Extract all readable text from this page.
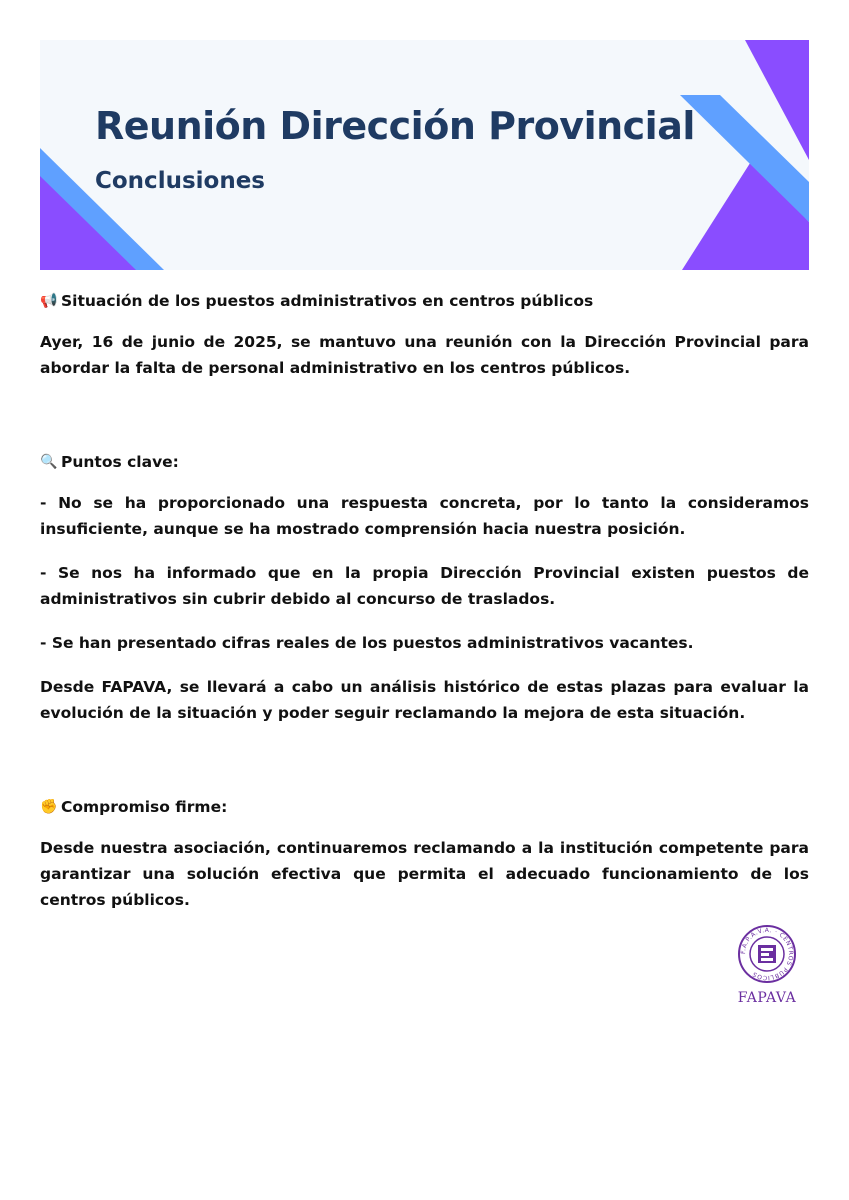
Reunión Dirección Provincial
Conclusiones

📢 Situación de los puestos administrativos en centros públicos

Ayer, 16 de junio de 2025, se mantuvo una reunión con la Dirección Provincial para abordar la falta de personal administrativo en los centros públicos.

🔍 Puntos clave:

- No se ha proporcionado una respuesta concreta, por lo tanto la consideramos insuficiente, aunque se ha mostrado comprensión hacia nuestra posición.

- Se nos ha informado que en la propia Dirección Provincial existen puestos de administrativos sin cubrir debido al concurso de traslados.

- Se han presentado cifras reales de los puestos administrativos vacantes.

Desde FAPAVA, se llevará a cabo un análisis histórico de estas plazas para evaluar la evolución de la situación y poder seguir reclamando la mejora de esta situación.

✊ Compromiso firme:

Desde nuestra asociación, continuaremos reclamando a la institución competente para garantizar una solución efectiva que permita el adecuado funcionamiento de los centros públicos.

F.A.P.A.V.A. · CENTROS PÚBLICOS
FAPAVA
